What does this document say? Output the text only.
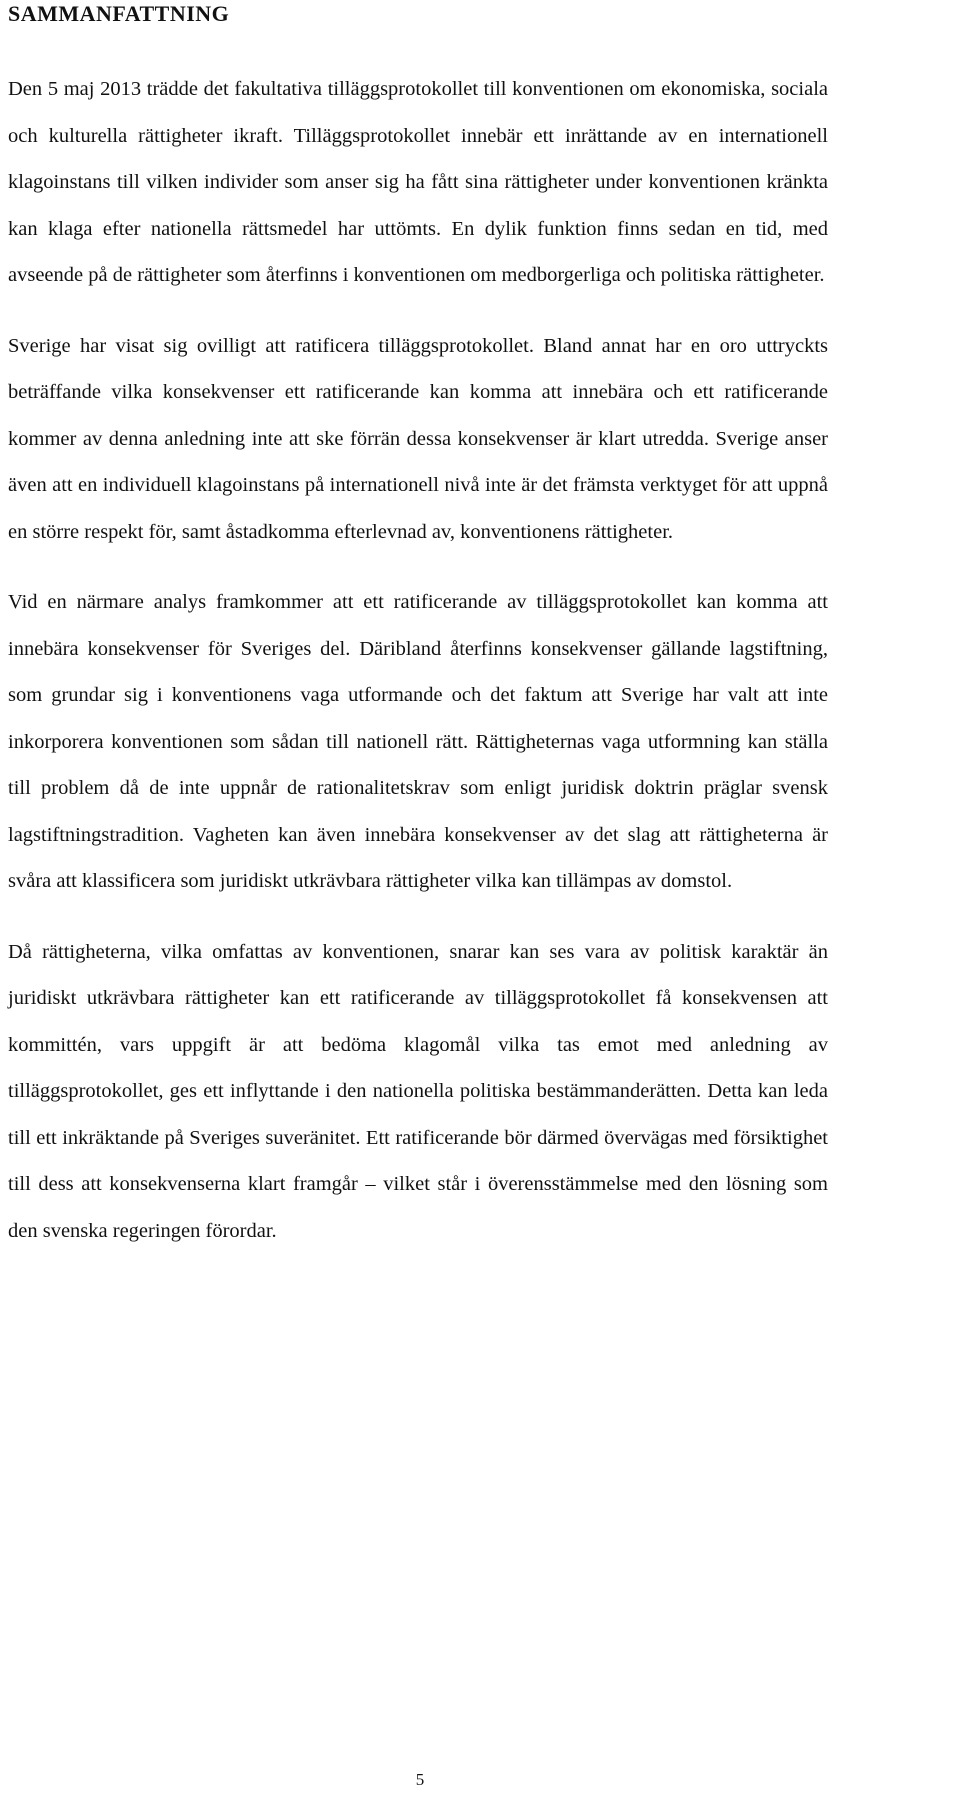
SAMMANFATTNING

Den 5 maj 2013 trädde det fakultativa tilläggsprotokollet till konventionen om ekonomiska, sociala och kulturella rättigheter ikraft. Tilläggsprotokollet innebär ett inrättande av en internationell klagoinstans till vilken individer som anser sig ha fått sina rättigheter under konventionen kränkta kan klaga efter nationella rättsmedel har uttömts. En dylik funktion finns sedan en tid, med avseende på de rättigheter som återfinns i konventionen om medborgerliga och politiska rättigheter.

Sverige har visat sig ovilligt att ratificera tilläggsprotokollet. Bland annat har en oro uttryckts beträffande vilka konsekvenser ett ratificerande kan komma att innebära och ett ratificerande kommer av denna anledning inte att ske förrän dessa konsekvenser är klart utredda. Sverige anser även att en individuell klagoinstans på internationell nivå inte är det främsta verktyget för att uppnå en större respekt för, samt åstadkomma efterlevnad av, konventionens rättigheter.

Vid en närmare analys framkommer att ett ratificerande av tilläggsprotokollet kan komma att innebära konsekvenser för Sveriges del. Däribland återfinns konsekvenser gällande lagstiftning, som grundar sig i konventionens vaga utformande och det faktum att Sverige har valt att inte inkorporera konventionen som sådan till nationell rätt. Rättigheternas vaga utformning kan ställa till problem då de inte uppnår de rationalitetskrav som enligt juridisk doktrin präglar svensk lagstiftningstradition. Vagheten kan även innebära konsekvenser av det slag att rättigheterna är svåra att klassificera som juridiskt utkrävbara rättigheter vilka kan tillämpas av domstol.

Då rättigheterna, vilka omfattas av konventionen, snarar kan ses vara av politisk karaktär än juridiskt utkrävbara rättigheter kan ett ratificerande av tilläggsprotokollet få konsekvensen att kommittén, vars uppgift är att bedöma klagomål vilka tas emot med anledning av tilläggsprotokollet, ges ett inflyttande i den nationella politiska bestämmanderätten. Detta kan leda till ett inkräktande på Sveriges suveränitet. Ett ratificerande bör därmed övervägas med försiktighet till dess att konsekvenserna klart framgår – vilket står i överensstämmelse med den lösning som den svenska regeringen förordar.

5
